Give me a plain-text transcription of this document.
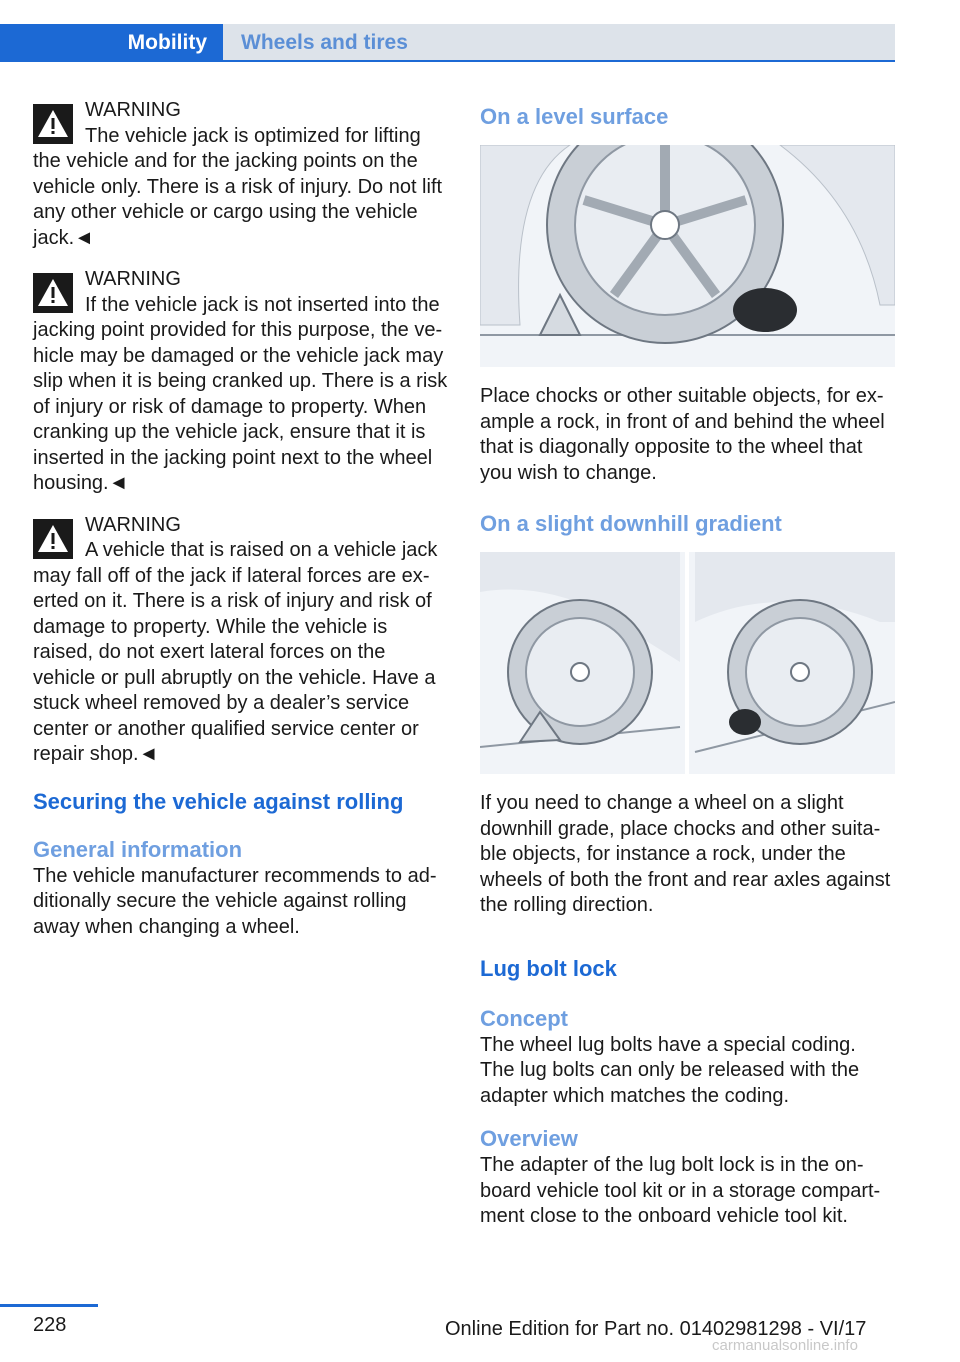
Mobility	Wheels and tires

WARNING
The vehicle jack is optimized for lifting the vehicle and for the jacking points on the vehicle only. There is a risk of injury. Do not lift any other vehicle or cargo using the vehicle jack.◄

WARNING
If the vehicle jack is not inserted into the jacking point provided for this purpose, the vehicle may be damaged or the vehicle jack may slip when it is being cranked up. There is a risk of injury or risk of damage to property. When cranking up the vehicle jack, ensure that it is inserted in the jacking point next to the wheel housing.◄

WARNING
A vehicle that is raised on a vehicle jack may fall off of the jack if lateral forces are exerted on it. There is a risk of injury and risk of damage to property. While the vehicle is raised, do not exert lateral forces on the vehicle or pull abruptly on the vehicle. Have a stuck wheel removed by a dealer’s service center or another qualified service center or repair shop.◄

Securing the vehicle against rolling
General information

The vehicle manufacturer recommends to additionally secure the vehicle against rolling away when changing a wheel.

On a level surface

Place chocks or other suitable objects, for example a rock, in front of and behind the wheel that is diagonally opposite to the wheel that you wish to change.

On a slight downhill gradient

If you need to change a wheel on a slight downhill grade, place chocks and other suitable objects, for instance a rock, under the wheels of both the front and rear axles against the rolling direction.

Lug bolt lock
Concept

The wheel lug bolts have a special coding. The lug bolts can only be released with the adapter which matches the coding.

Overview

The adapter of the lug bolt lock is in the onboard vehicle tool kit or in a storage compartment close to the onboard vehicle tool kit.

228	Online Edition for Part no. 01402981298 - VI/17
carmanualsonline.info
